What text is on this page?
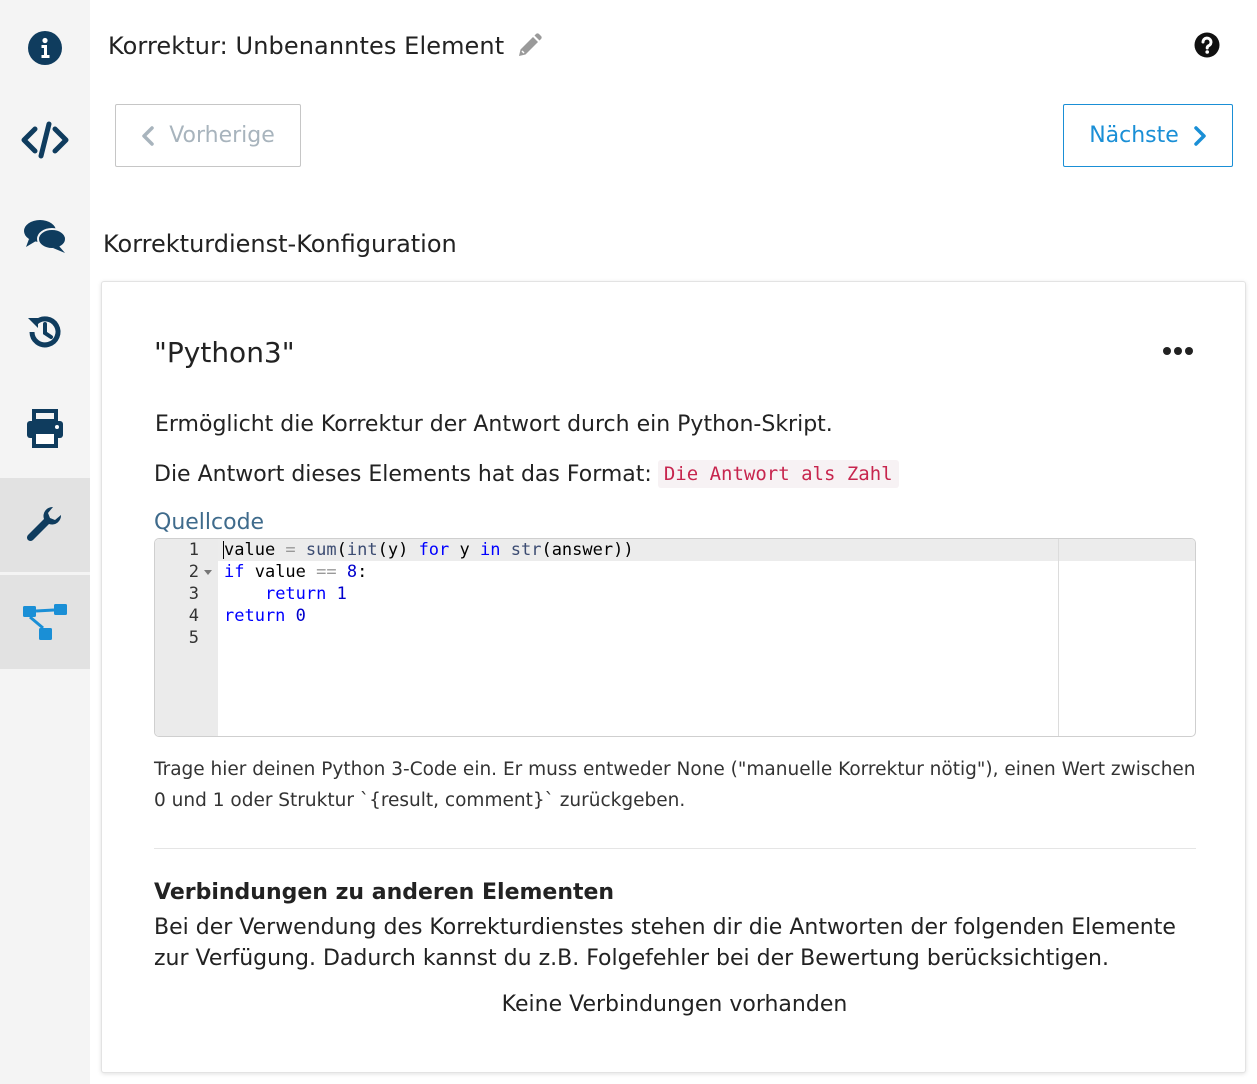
Korrektur: Unbenanntes Element
Vorherige	Nächste
Korrekturdienst-Konfiguration
"Python3"
Ermöglicht die Korrektur der Antwort durch ein Python-Skript.
Die Antwort dieses Elements hat das Format: Die Antwort als Zahl
Quellcode
1
2
3
4
5
value = sum(int(y) for y in str(answer))
if value == 8:
return 1
return 0
Trage hier deinen Python 3-Code ein. Er muss entweder None ("manuelle Korrektur nötig"), einen Wert zwischen 0 und 1 oder Struktur `{result, comment}` zurückgeben.
Verbindungen zu anderen Elementen
Bei der Verwendung des Korrekturdienstes stehen dir die Antworten der folgenden Elemente zur Verfügung. Dadurch kannst du z.B. Folgefehler bei der Bewertung berücksichtigen.
Keine Verbindungen vorhanden
